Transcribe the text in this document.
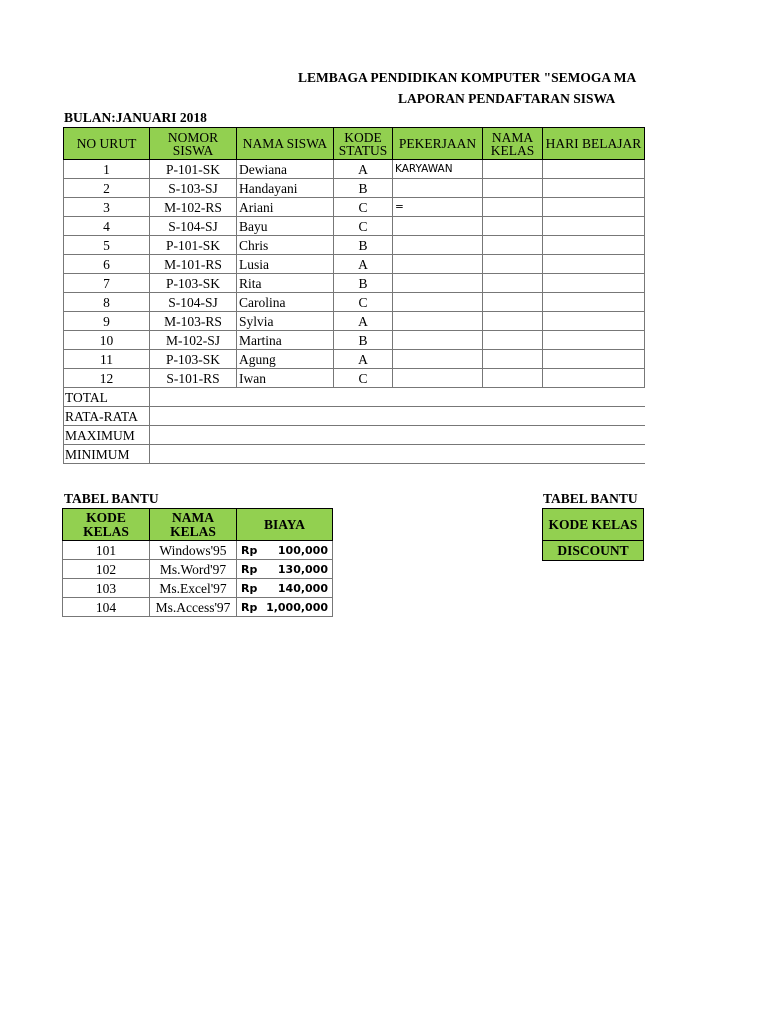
LEMBAGA PENDIDIKAN KOMPUTER "SEMOGA MA
LAPORAN PENDAFTARAN SISWA
BULAN:JANUARI 2018
NO URUT	NOMOR SISWA	NAMA SISWA	KODE STATUS	PEKERJAAN	NAMA KELAS	HARI BELAJAR
1	P-101-SK	Dewiana	A	KARYAWAN		
2	S-103-SJ	Handayani	B			
3	M-102-RS	Ariani	C	=		
4	S-104-SJ	Bayu	C			
5	P-101-SK	Chris	B			
6	M-101-RS	Lusia	A			
7	P-103-SK	Rita	B			
8	S-104-SJ	Carolina	C			
9	M-103-RS	Sylvia	A			
10	M-102-SJ	Martina	B			
11	P-103-SK	Agung	A			
12	S-101-RS	Iwan	C			
TOTAL						
RATA-RATA						
MAXIMUM						
MINIMUM						
TABEL BANTU
KODE KELAS	NAMA KELAS	BIAYA
101	Windows'95	Rp 100,000

102	Ms.Word'97	Rp 130,000

103	Ms.Excel'97	Rp 140,000

104	Ms.Access'97	Rp 1,000,000
TABEL BANTU
KODE KELAS
DISCOUNT
